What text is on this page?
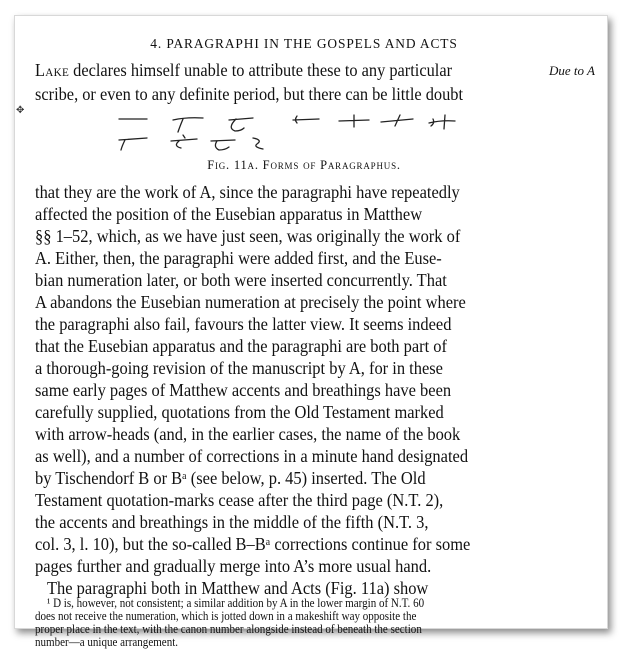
4. PARAGRAPHI IN THE GOSPELS AND ACTS
Lake declares himself unable to attribute these to any particular
scribe, or even to any definite period, but there can be little doubt
Due to A
Fig. 11a. Forms of Paragraphus.
that they are the work of A, since the paragraphi have repeatedly
affected the position of the Eusebian apparatus in Matthew
§§ 1–52, which, as we have just seen, was originally the work of
A. Either, then, the paragraphi were added first, and the Euse-
bian numeration later, or both were inserted concurrently. That
A abandons the Eusebian numeration at precisely the point where
the paragraphi also fail, favours the latter view. It seems indeed
that the Eusebian apparatus and the paragraphi are both part of
a thorough-going revision of the manuscript by A, for in these
same early pages of Matthew accents and breathings have been
carefully supplied, quotations from the Old Testament marked
with arrow-heads (and, in the earlier cases, the name of the book
as well), and a number of corrections in a minute hand designated
by Tischendorf B or Bᵃ (see below, p. 45) inserted. The Old
Testament quotation-marks cease after the third page (N.T. 2),
the accents and breathings in the middle of the fifth (N.T. 3,
col. 3, l. 10), but the so-called B–Bᵃ corrections continue for some
pages further and gradually merge into A’s more usual hand.
The paragraphi both in Matthew and Acts (Fig. 11a) show
¹ D is, however, not consistent; a similar addition by A in the lower margin of N.T. 60
does not receive the numeration, which is jotted down in a makeshift way opposite the
proper place in the text, with the canon number alongside instead of beneath the section
number—a unique arrangement.
✥
